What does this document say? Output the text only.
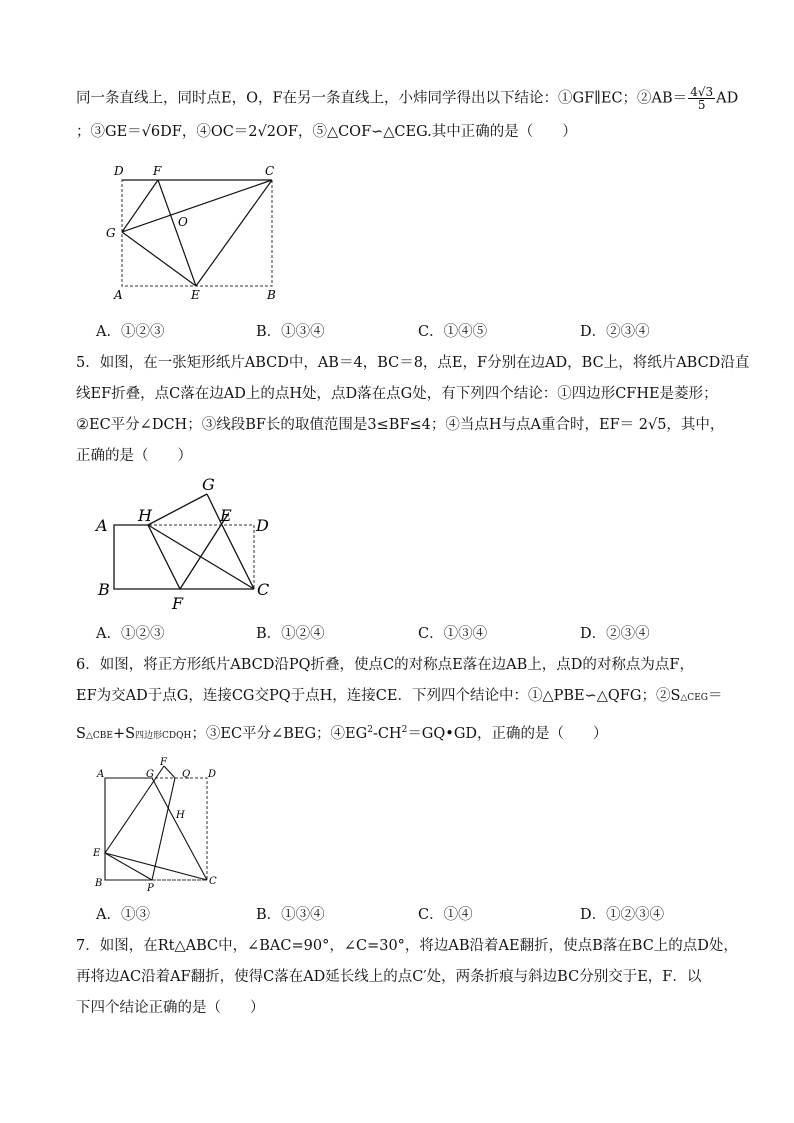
同一条直线上，同时点E，O，F在另一条直线上，小炜同学得出以下结论：①GF∥EC；②AB＝ $\frac{4√3}{5}$ AD
；③GE＝√6DF，④OC＝2√2OF，⑤△COF∽△CEG.其中正确的是（　　）
D F	C
G
O
A	E	B
A．①②③	B．①③④	C．①④⑤	D．②③④
5．如图，在一张矩形纸片ABCD中，AB＝4，BC＝8，点E，F分别在边AD，BC上，将纸片ABCD沿直
线EF折叠，点C落在边AD上的点H处，点D落在点G处，有下列四个结论：①四边形CFHE是菱形；
②EC平分∠DCH；③线段BF长的取值范围是3≤BF≤4；④当点H与点A重合时，EF＝ 2√5，其中，
正确的是（　　）
G
A
H	E
D
B
F
C
A．①②③	B．①②④	C．①③④	D．②③④
6．如图，将正方形纸片ABCD沿PQ折叠，使点C的对称点E落在边AB上，点D的对称点为点F，
EF为交AD于点G，连接CG交PQ于点H，连接CE．下列四个结论中：①△PBE∽△QFG；②S△CEG＝
S△CBE+S四边形CDQH；③EC平分∠BEG；$④EG^2-CH^2=GQ•GD$，正确的是（　　）
A	G
F
Q D
H
E
B	P
C
A．①③	B．①③④	C．①④	D．①②③④
7．如图，在Rt△ABC中，∠BAC=90°，∠C=30°，将边AB沿着AE翻折，使点B落在BC上的点D处，
再将边AC沿着AF翻折，使得C落在AD延长线上的点C′处，两条折痕与斜边BC分别交于E，F．以
下四个结论正确的是（　　）
